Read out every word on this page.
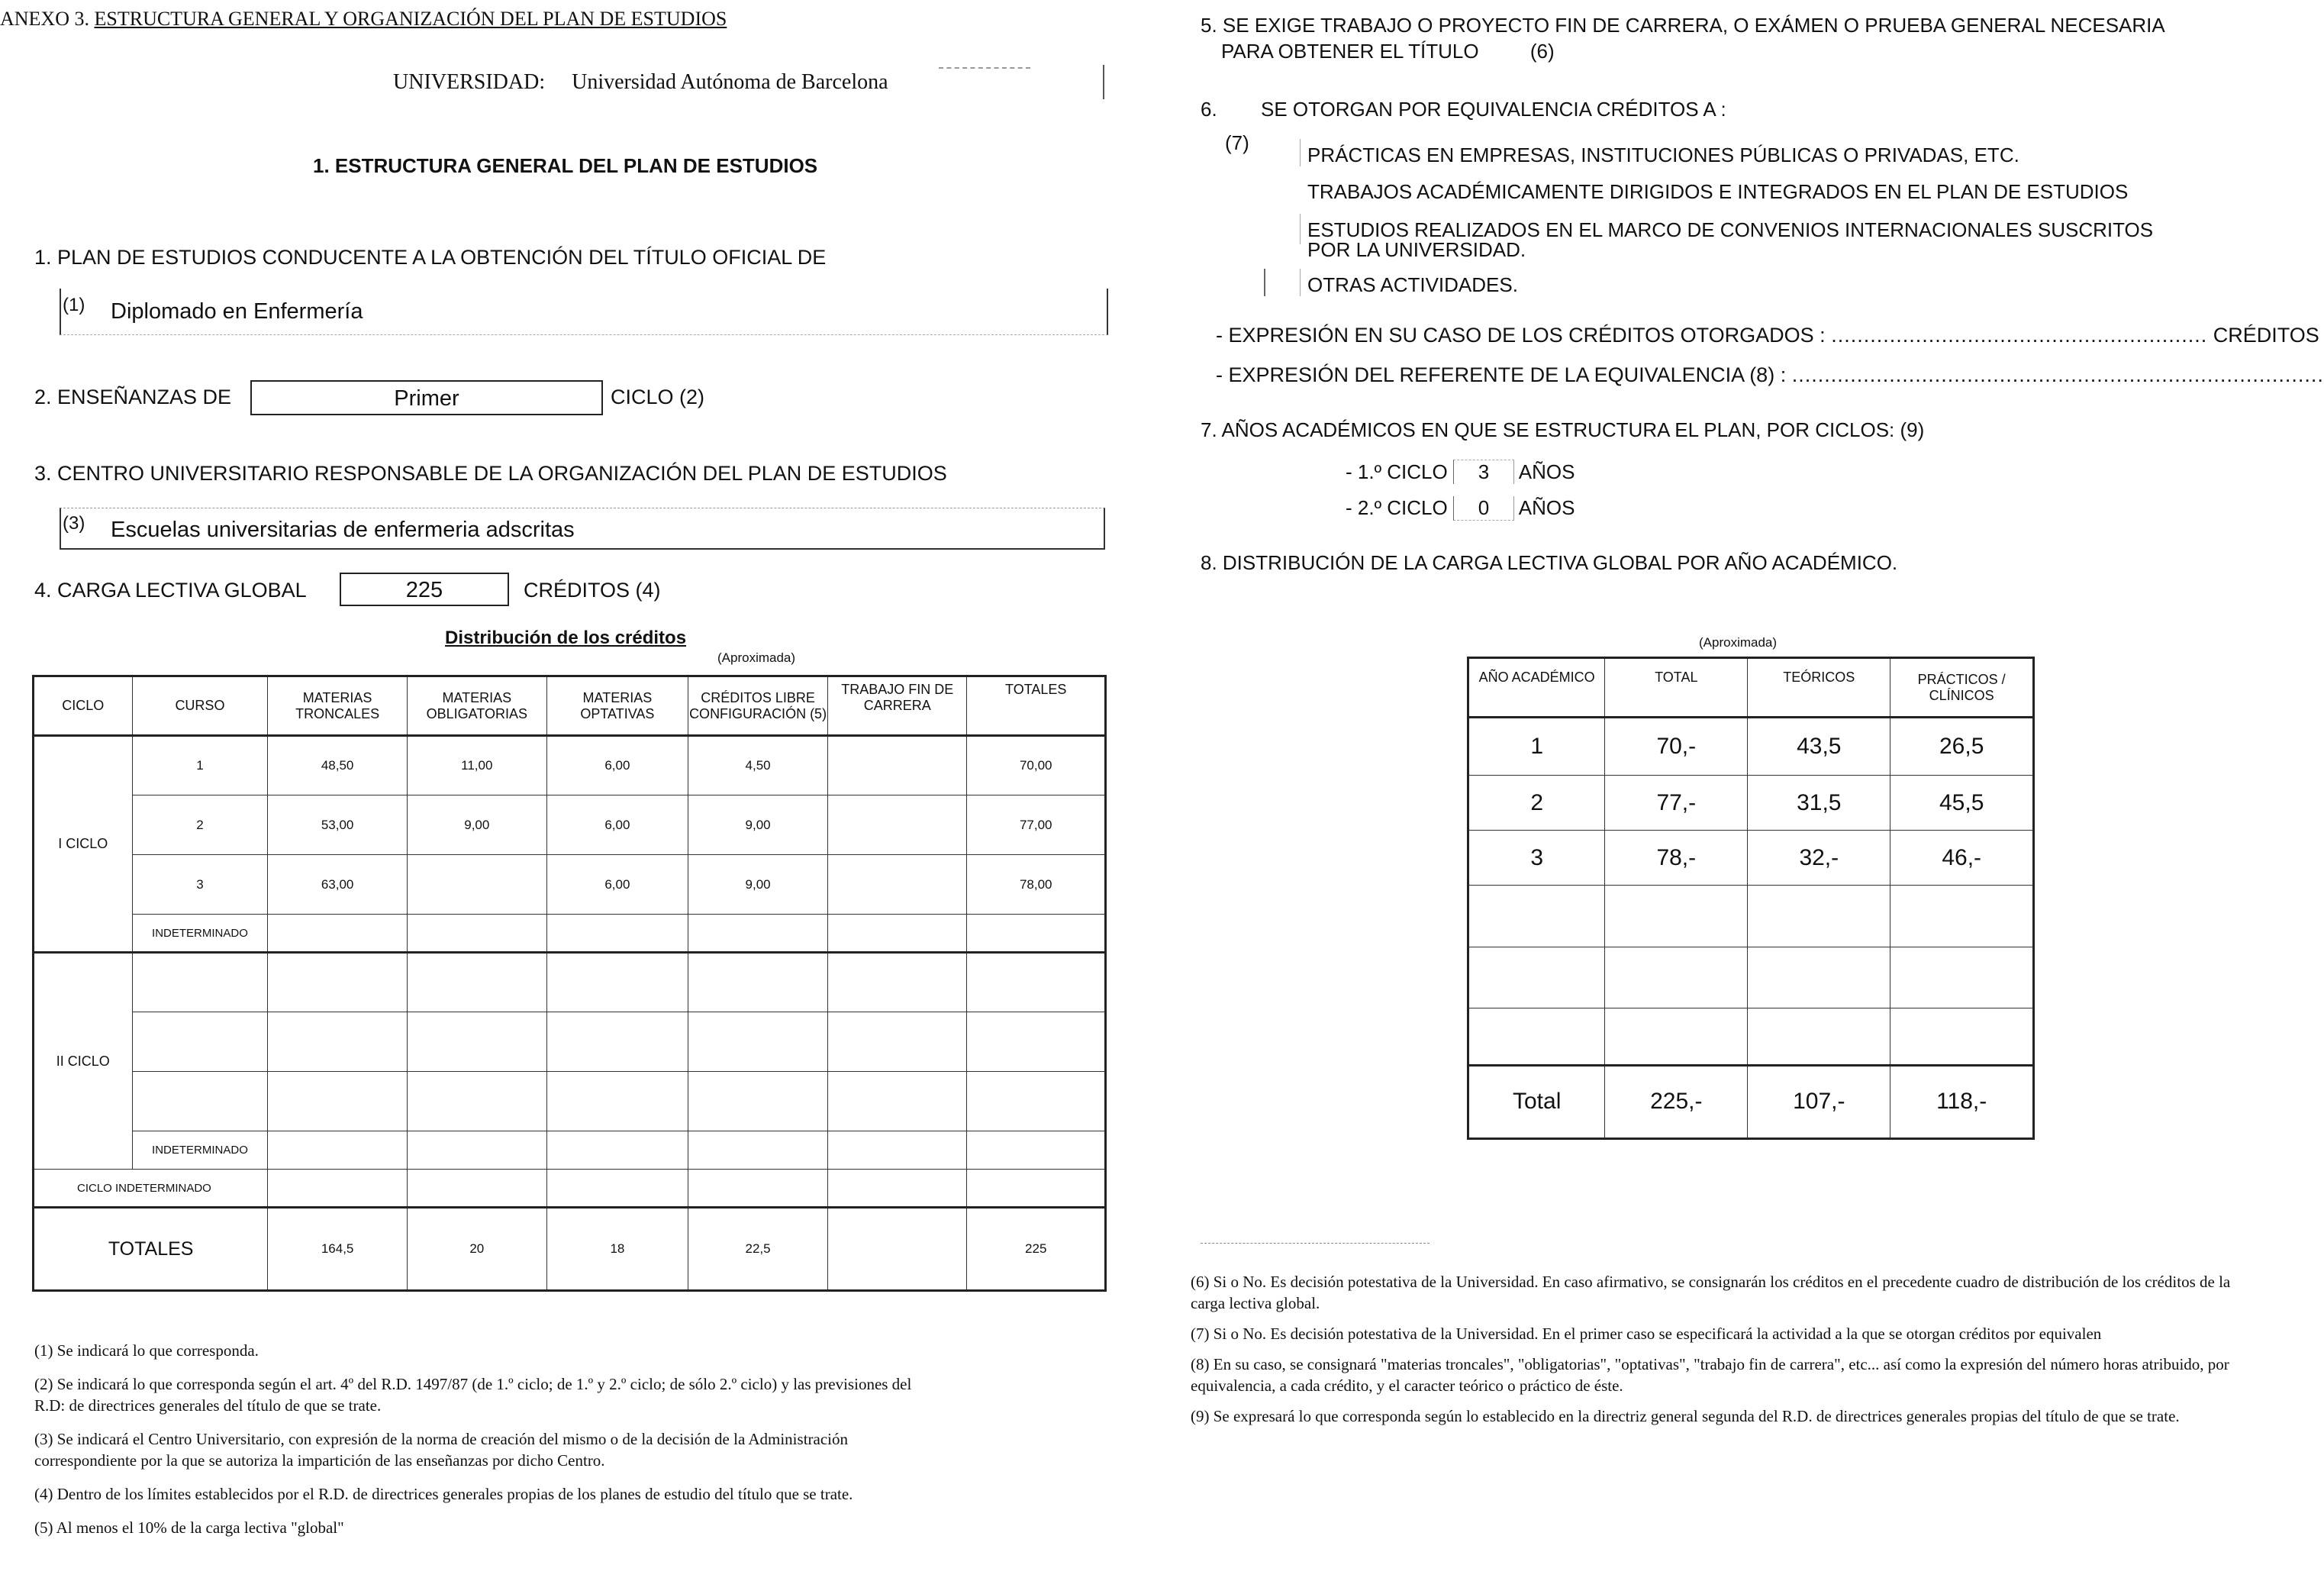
ANEXO 3. ESTRUCTURA GENERAL Y ORGANIZACIÓN DEL PLAN DE ESTUDIOS
UNIVERSIDAD: Universidad Autónoma de Barcelona
1. ESTRUCTURA GENERAL DEL PLAN DE ESTUDIOS
1. PLAN DE ESTUDIOS CONDUCENTE A LA OBTENCIÓN DEL TÍTULO OFICIAL DE
(1) Diplomado en Enfermería
2. ENSEÑANZAS DE	Primer	CICLO (2)
3. CENTRO UNIVERSITARIO RESPONSABLE DE LA ORGANIZACIÓN DEL PLAN DE ESTUDIOS
(3) Escuelas universitarias de enfermeria adscritas
4. CARGA LECTIVA GLOBAL	225	CRÉDITOS (4)
Distribución de los créditos
(Aproximada)
CICLO	CURSO	MATERIAS TRONCALES	MATERIAS OBLIGATORIAS	MATERIAS OPTATIVAS	CRÉDITOS LIBRE CONFIGURACIÓN (5)	TRABAJO FIN DE CARRERA	TOTALES
I CICLO	1	48,50	11,00	6,00	4,50		70,00
	2	53,00	9,00	6,00	9,00		77,00
	3	63,00		6,00	9,00		78,00
	INDETERMINADO						
II CICLO							

	INDETERMINADO						
CICLO INDETERMINADO							
TOTALES		164,5	20	18	22,5		225
(1) Se indicará lo que corresponda.
(2) Se indicará lo que corresponda según el art. 4º del R.D. 1497/87 (de 1.º ciclo; de 1.º y 2.º ciclo; de sólo 2.º ciclo) y las previsiones del R.D: de directrices generales del título de que se trate.
(3) Se indicará el Centro Universitario, con expresión de la norma de creación del mismo o de la decisión de la Administración correspondiente por la que se autoriza la impartición de las enseñanzas por dicho Centro.
(4) Dentro de los límites establecidos por el R.D. de directrices generales propias de los planes de estudio del título que se trate.
(5) Al menos el 10% de la carga lectiva "global"
5. SE EXIGE TRABAJO O PROYECTO FIN DE CARRERA, O EXÁMEN O PRUEBA GENERAL NECESARIA
PARA OBTENER EL TÍTULO	(6)
6. SE OTORGAN POR EQUIVALENCIA CRÉDITOS A :
(7)
PRÁCTICAS EN EMPRESAS, INSTITUCIONES PÚBLICAS O PRIVADAS, ETC.
TRABAJOS ACADÉMICAMENTE DIRIGIDOS E INTEGRADOS EN EL PLAN DE ESTUDIOS
ESTUDIOS REALIZADOS EN EL MARCO DE CONVENIOS INTERNACIONALES SUSCRITOS
POR LA UNIVERSIDAD.
OTRAS ACTIVIDADES.
- EXPRESIÓN EN SU CASO DE LOS CRÉDITOS OTORGADOS : .......................................................... CRÉDITOS
- EXPRESIÓN DEL REFERENTE DE LA EQUIVALENCIA (8) : ..................................................................................
7. AÑOS ACADÉMICOS EN QUE SE ESTRUCTURA EL PLAN, POR CICLOS: (9)
- 1.º CICLO 3 AÑOS
- 2.º CICLO 0 AÑOS
8. DISTRIBUCIÓN DE LA CARGA LECTIVA GLOBAL POR AÑO ACADÉMICO.
(Aproximada)
AÑO ACADÉMICO	TOTAL	TEÓRICOS	PRÁCTICOS / CLÍNICOS
1	70,-	43,5	26,5
2	77,-	31,5	45,5
3	78,-	32,-	46,-

Total	225,-	107,-	118,-
(6) Si o No. Es decisión potestativa de la Universidad. En caso afirmativo, se consignarán los créditos en el precedente cuadro de distribución de los créditos de la carga lectiva global.
(7) Si o No. Es decisión potestativa de la Universidad. En el primer caso se especificará la actividad a la que se otorgan créditos por equivalen
(8) En su caso, se consignará "materias troncales", "obligatorias", "optativas", "trabajo fin de carrera", etc... así como la expresión del número horas atribuido, por equivalencia, a cada crédito, y el caracter teórico o práctico de éste.
(9) Se expresará lo que corresponda según lo establecido en la directriz general segunda del R.D. de directrices generales propias del título de que se trate.
